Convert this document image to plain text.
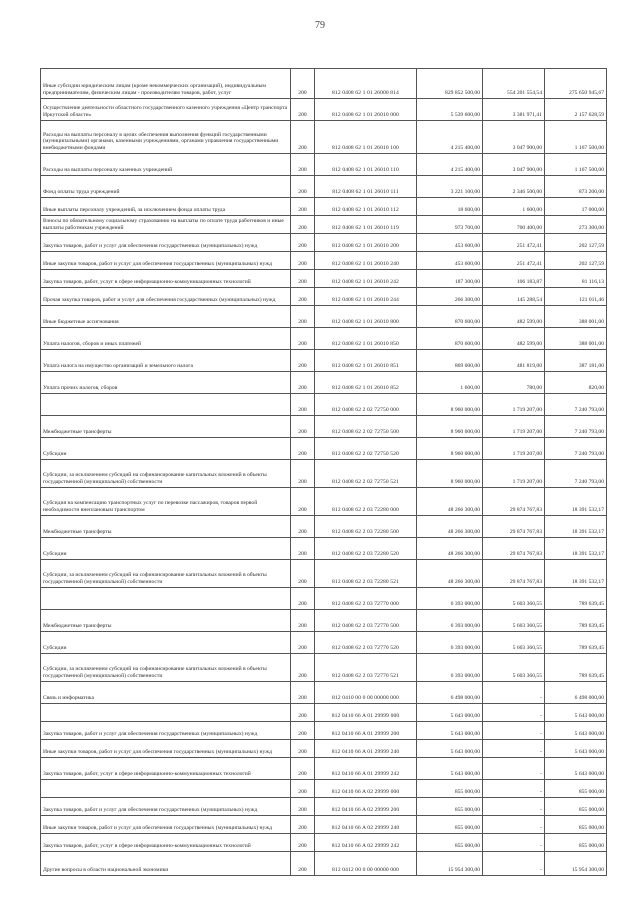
79
Иные субсидии юридическим лицам (кроме некоммерческих организаций), индивидуальным предпринимателям, физическим лицам - производителям товаров, работ, услуг	200	812 0408 62 1 01 26000 814	829 852 500,00	554 201 554,54	275 650 945,67
Осуществление деятельности областного государственного казенного учреждения «Центр транспорта Иркутской области»	200	812 0408 62 1 01 26010 000	5 539 600,00	3 381 971,41	2 157 628,59
Расходы на выплаты персоналу в целях обеспечения выполнения функций государственными (муниципальными) органами, казенными учреждениями, органами управления государственными внебюджетными фондами	200	812 0408 62 1 01 26010 100	4 215 400,00	3 047 900,00	1 167 500,00
Расходы на выплаты персоналу казенных учреждений	200	812 0408 62 1 01 26010 110	4 215 400,00	3 047 900,00	1 167 500,00
Фонд оплаты труда учреждений	200	812 0408 62 1 01 26010 111	3 221 100,00	2 346 500,00	873 200,00
Иные выплаты персоналу учреждений, за исключением фонда оплаты труда	200	812 0408 62 1 01 26010 112	18 600,00	1 600,00	17 000,00
Взносы по обязательному социальному страхованию на выплаты по оплате труда работников и иные выплаты работникам учреждений	200	812 0408 62 1 01 26010 119	973 700,00	700 400,00	273 300,00
Закупка товаров, работ и услуг для обеспечения государственных (муниципальных) нужд	200	812 0408 62 1 01 26010 200	453 600,00	251 472,41	202 127,59
Иные закупки товаров, работ и услуг для обеспечения государственных (муниципальных) нужд	200	812 0408 62 1 01 26010 240	453 600,00	251 472,41	202 127,59
Закупка товаров, работ, услуг в сфере информационно-коммуникационных технологий	200	812 0408 62 1 01 26010 242	187 300,00	106 183,87	81 116,13
Прочая закупка товаров, работ и услуг для обеспечения государственных (муниципальных) нужд	200	812 0408 62 1 01 26010 244	266 300,00	145 288,54	121 011,46
Иные бюджетные ассигнования	200	812 0408 62 1 01 26010 800	870 600,00	482 599,00	388 001,00
Уплата налогов, сборов и иных платежей	200	812 0408 62 1 01 26010 850	870 600,00	482 599,00	388 001,00
Уплата налога на имущество организаций и земельного налога	200	812 0408 62 1 01 26010 851	869 000,00	481 819,00	387 181,00
Уплата прочих налогов, сборов	200	812 0408 62 1 01 26010 852	1 600,00	780,00	820,00
	200	812 0408 62 2 02 72750 000	8 960 000,00	1 719 207,00	7 240 793,00
Межбюджетные трансферты	200	812 0408 62 2 02 72750 500	8 960 000,00	1 719 207,00	7 240 793,00
Субсидии	200	812 0408 62 2 02 72750 520	8 960 000,00	1 719 207,00	7 240 793,00
Субсидии, за исключением субсидий на софинансирование капитальных вложений в объекты государственной (муниципальной) собственности	200	812 0408 62 2 02 72750 521	8 960 000,00	1 719 207,00	7 240 793,00
Субсидия на компенсацию транспортных услуг по перевозке пассажиров, товаров первой необходимости внеплановым транспортом	200	812 0408 62 2 03 72280 000	48 266 300,00	29 874 767,83	18 391 532,17
Межбюджетные трансферты	200	812 0408 62 2 03 72280 500	48 266 300,00	29 874 767,83	18 391 532,17
Субсидии	200	812 0408 62 2 03 72280 520	48 266 300,00	29 874 767,83	18 391 532,17
Субсидии, за исключением субсидий на софинансирование капитальных вложений в объекты государственной (муниципальной) собственности	200	812 0408 62 2 03 72280 521	48 266 300,00	29 874 767,83	18 391 532,17
	200	812 0408 62 2 03 72770 000	6 393 000,00	5 603 360,55	789 639,45
Межбюджетные трансферты	200	812 0408 62 2 03 72770 500	6 393 000,00	5 603 360,55	789 639,45
Субсидии	200	812 0408 62 2 03 72770 520	6 393 000,00	5 603 360,55	789 639,45
Субсидии, за исключением субсидий на софинансирование капитальных вложений в объекты государственной (муниципальной) собственности	200	812 0408 62 2 03 72770 521	6 393 000,00	5 603 360,55	789 639,45
Связь и информатика	200	812 0410 00 0 00 00000 000	6 498 000,00	-	6 498 000,00
	200	812 0410 66 A 01 29999 000	5 643 000,00	-	5 643 000,00
Закупка товаров, работ и услуг для обеспечения государственных (муниципальных) нужд	200	812 0410 66 A 01 29999 200	5 643 000,00	-	5 643 000,00
Иные закупки товаров, работ и услуг для обеспечения государственных (муниципальных) нужд	200	812 0410 66 A 01 29999 240	5 643 000,00	-	5 643 000,00
Закупка товаров, работ, услуг в сфере информационно-коммуникационных технологий	200	812 0410 66 A 01 29999 242	5 643 000,00	-	5 643 000,00
	200	812 0410 66 A 02 29999 000	855 000,00	-	855 000,00
Закупка товаров, работ и услуг для обеспечения государственных (муниципальных) нужд	200	812 0410 66 A 02 29999 200	855 000,00	-	855 000,00
Иные закупки товаров, работ и услуг для обеспечения государственных (муниципальных) нужд	200	812 0410 66 A 02 29999 240	855 000,00	-	855 000,00
Закупка товаров, работ, услуг в сфере информационно-коммуникационных технологий	200	812 0410 66 A 02 29999 242	855 000,00	-	855 000,00
Другие вопросы в области национальной экономики	200	812 0412 00 0 00 00000 000	15 954 300,00	-	15 954 300,00
